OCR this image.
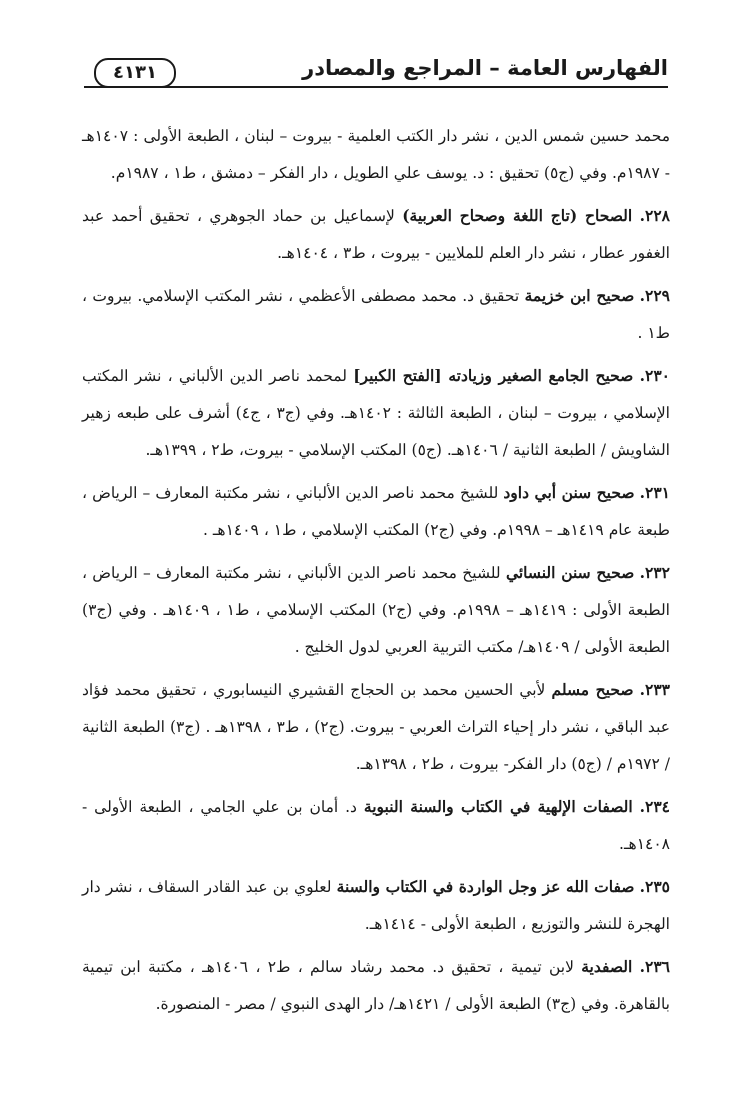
الفهارس العامة – المراجع والمصادر
٤١٣١

محمد حسين شمس الدين ، نشر دار الكتب العلمية - بيروت – لبنان ، الطبعة الأولى : ١٤٠٧هـ - ١٩٨٧م. وفي (ج٥) تحقيق : د. يوسف علي الطويل ، دار الفكر – دمشق ، ط١ ، ١٩٨٧م.

٢٢٨. الصحاح (تاج اللغة وصحاح العربية) لإسماعيل بن حماد الجوهري ، تحقيق أحمد عبد الغفور عطار ، نشر دار العلم للملايين - بيروت ، ط٣ ، ١٤٠٤هـ.

٢٢٩. صحيح ابن خزيمة تحقيق د. محمد مصطفى الأعظمي ، نشر المكتب الإسلامي. بيروت ، ط١ .

٢٣٠. صحيح الجامع الصغير وزيادته [الفتح الكبير] لمحمد ناصر الدين الألباني ، نشر المكتب الإسلامي ، بيروت – لبنان ، الطبعة الثالثة : ١٤٠٢هـ. وفي (ج٣ ، ج٤) أشرف على طبعه زهير الشاويش / الطبعة الثانية / ١٤٠٦هـ. (ج٥) المكتب الإسلامي - بيروت، ط٢ ، ١٣٩٩هـ.

٢٣١. صحيح سنن أبي داود للشيخ محمد ناصر الدين الألباني ، نشر مكتبة المعارف – الرياض ، طبعة عام ١٤١٩هـ – ١٩٩٨م. وفي (ج٢) المكتب الإسلامي ، ط١ ، ١٤٠٩هـ .

٢٣٢. صحيح سنن النسائي للشيخ محمد ناصر الدين الألباني ، نشر مكتبة المعارف – الرياض ، الطبعة الأولى : ١٤١٩هـ – ١٩٩٨م. وفي (ج٢) المكتب الإسلامي ، ط١ ، ١٤٠٩هـ . وفي (ج٣) الطبعة الأولى / ١٤٠٩هـ/ مكتب التربية العربي لدول الخليج .

٢٣٣. صحيح مسلم لأبي الحسين محمد بن الحجاج القشيري النيسابوري ، تحقيق محمد فؤاد عبد الباقي ، نشر دار إحياء التراث العربي - بيروت. (ج٢) ، ط٣ ، ١٣٩٨هـ . (ج٣) الطبعة الثانية / ١٩٧٢م / (ج٥) دار الفكر- بيروت ، ط٢ ، ١٣٩٨هـ.

٢٣٤. الصفات الإلهية في الكتاب والسنة النبوية د. أمان بن علي الجامي ، الطبعة الأولى - ١٤٠٨هـ.

٢٣٥. صفات الله عز وجل الواردة في الكتاب والسنة لعلوي بن عبد القادر السقاف ، نشر دار الهجرة للنشر والتوزيع ، الطبعة الأولى - ١٤١٤هـ.

٢٣٦. الصفدية لابن تيمية ، تحقيق د. محمد رشاد سالم ، ط٢ ، ١٤٠٦هـ ، مكتبة ابن تيمية بالقاهرة. وفي (ج٣) الطبعة الأولى / ١٤٢١هـ/ دار الهدى النبوي / مصر - المنصورة.
